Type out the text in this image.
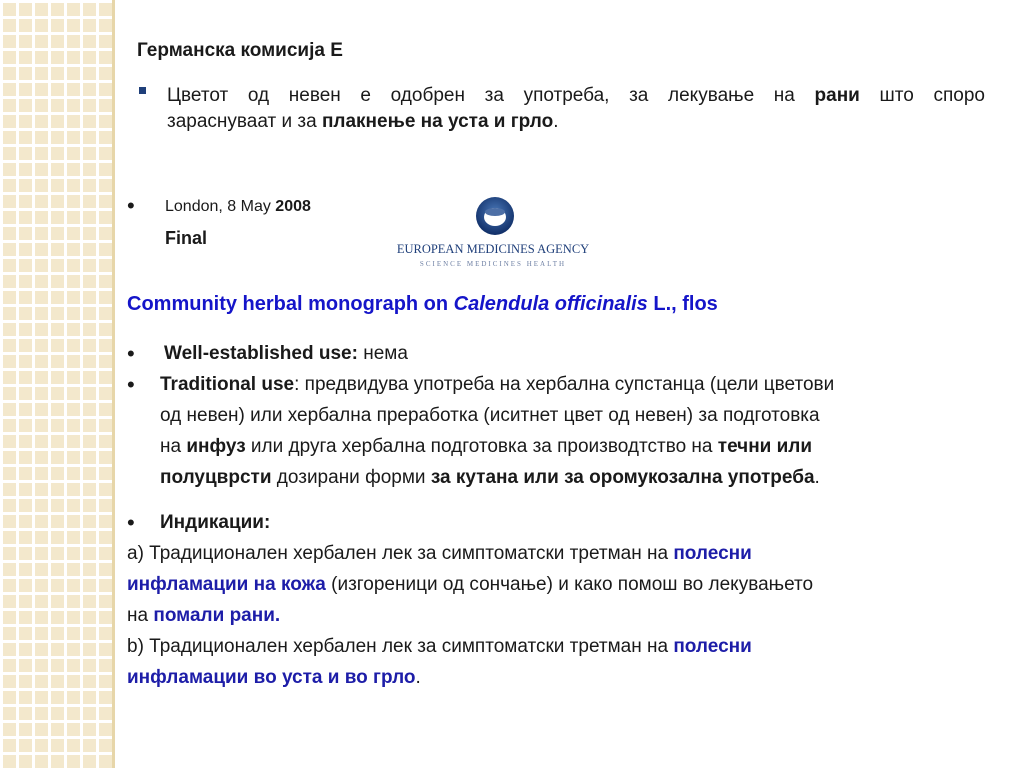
Германска комисија Е
Цветот од невен е одобрен за употреба, за лекување на рани што споро
зараснуваат и за плакнење на уста и грло.
• London, 8 May 2008
Final
EUROPEAN MEDICINES AGENCY
SCIENCE MEDICINES HEALTH
Community herbal monograph on Calendula officinalis L., flos
• Well-established use: нема
• Traditional use: предвидува употреба на хербална супстанца (цели цветови
од невен) или хербална преработка (иситнет цвет од невен) за подготовка
на инфуз или друга хербална подготовка за производтство на течни или
полуцврсти дозирани форми за кутана или за оромукозална употреба.
• Индикации:
а) Традиционален хербален лек за симптоматски третман на полесни
инфламации на кожа (изгореници од сончање) и како помош во лекувањето
на помали рани.
b) Традиционален хербален лек за симптоматски третман на полесни
инфламации во уста и во грло.
